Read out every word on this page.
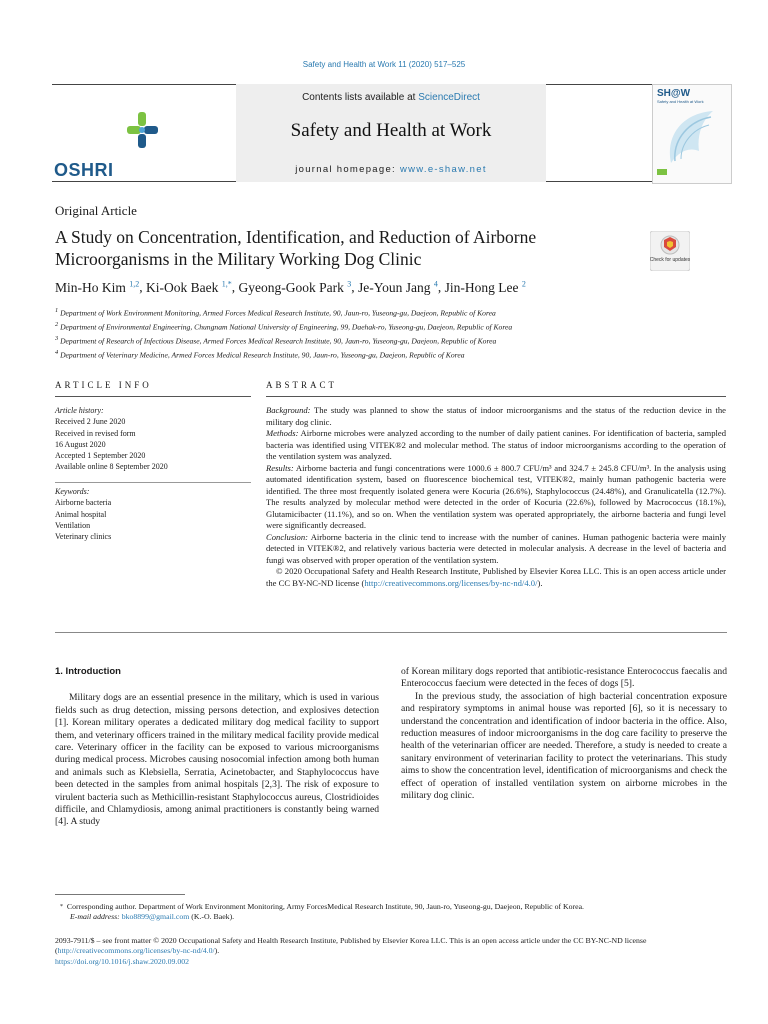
Safety and Health at Work 11 (2020) 517–525
OSHRI
Contents lists available at ScienceDirect
Safety and Health at Work
journal homepage: www.e-shaw.net
SH@W
Safety and Health at Work
Original Article
A Study on Concentration, Identification, and Reduction of Airborne Microorganisms in the Military Working Dog Clinic	Check for updates
Min-Ho Kim $^{1,2}$, Ki-Ook Baek $^{1,*}$, Gyeong-Gook Park $^3$, Je-Youn Jang $^4$, Jin-Hong Lee $^2$
$^1$ Department of Work Environment Monitoring, Armed Forces Medical Research Institute, 90, Jaun-ro, Yuseong-gu, Daejeon, Republic of Korea
$^2$ Department of Environmental Engineering, Chungnam National University of Engineering, 99, Daehak-ro, Yuseong-gu, Daejeon, Republic of Korea
$^3$ Department of Research of Infectious Disease, Armed Forces Medical Research Institute, 90, Jaun-ro, Yuseong-gu, Daejeon, Republic of Korea
$^4$ Department of Veterinary Medicine, Armed Forces Medical Research Institute, 90, Jaun-ro, Yuseong-gu, Daejeon, Republic of Korea
ARTICLE INFO
Article history:
Received 2 June 2020
Received in revised form
16 August 2020
Accepted 1 September 2020
Available online 8 September 2020
Keywords:
Airborne bacteria
Animal hospital
Ventilation
Veterinary clinics
ABSTRACT

Background: The study was planned to show the status of indoor microorganisms and the status of the reduction device in the military dog clinic.

Methods: Airborne microbes were analyzed according to the number of daily patient canines. For identification of bacteria, sampled bacteria was identified using VITEK®2 and molecular method. The status of indoor microorganisms according to the operation of the ventilation system was analyzed.

Results: Airborne bacteria and fungi concentrations were 1000.6 ± 800.7 CFU/m³ and 324.7 ± 245.8 CFU/m³. In the analysis using automated identification system, based on fluorescence biochemical test, VITEK®2, mainly human pathogenic bacteria were identified. The three most frequently isolated genera were Kocuria (26.6%), Staphylococcus (24.48%), and Granulicatella (12.7%). The results analyzed by molecular method were detected in the order of Kocuria (22.6%), followed by Macrococcus (18.1%), Glutamicibacter (11.1%), and so on. When the ventilation system was operated appropriately, the airborne bacteria and fungi level were significantly decreased.

Conclusion: Airborne bacteria in the clinic tend to increase with the number of canines. Human pathogenic bacteria were mainly detected in VITEK®2, and relatively various bacteria were detected in molecular analysis. A decrease in the level of bacteria and fungi was observed with proper operation of the ventilation system.

© 2020 Occupational Safety and Health Research Institute, Published by Elsevier Korea LLC. This is an open access article under the CC BY-NC-ND license (http://creativecommons.org/licenses/by-nc-nd/4.0/).

1. Introduction

Military dogs are an essential presence in the military, which is used in various fields such as drug detection, missing persons detection, and explosives detection [1]. Korean military operates a dedicated military dog medical facility to support them, and veterinary officers trained in the military medical facility provide medical care. Veterinary officer in the facility can be exposed to various microorganisms during medical process. Microbes causing nosocomial infection among both human and animals such as Klebsiella, Serratia, Acinetobacter, and Staphylococcus have been detected in the samples from animal hospitals [2,3]. The risk of exposure to virulent bacteria such as Methicillin-resistant Staphylococcus aureus, Clostridioides difficile, and Chlamydiosis, among animal practitioners is constantly being warned [4]. A study

of Korean military dogs reported that antibiotic-resistance Enterococcus faecalis and Enterococcus faecium were detected in the feces of dogs [5].

In the previous study, the association of high bacterial concentration exposure and respiratory symptoms in animal house was reported [6], so it is necessary to understand the concentration and identification of indoor bacteria in the office. Also, reduction measures of indoor microorganisms in the dog care facility to preserve the health of the veterinarian officer are needed. Therefore, a study is needed to create a sanitary environment of veterinarian facility to protect the veterinarians. This study aims to show the concentration level, identification of microorganisms and check the effect of operation of installed ventilation system on airborne microbes in the military dog clinic.

* Corresponding author. Department of Work Environment Monitoring, Army ForcesMedical Research Institute, 90, Jaun-ro, Yuseong-gu, Daejeon, Republic of Korea.
E-mail address: bko8899@gmail.com (K.-O. Baek).
2093-7911/$ – see front matter © 2020 Occupational Safety and Health Research Institute, Published by Elsevier Korea LLC. This is an open access article under the CC BY-NC-ND license (http://creativecommons.org/licenses/by-nc-nd/4.0/).
https://doi.org/10.1016/j.shaw.2020.09.002
